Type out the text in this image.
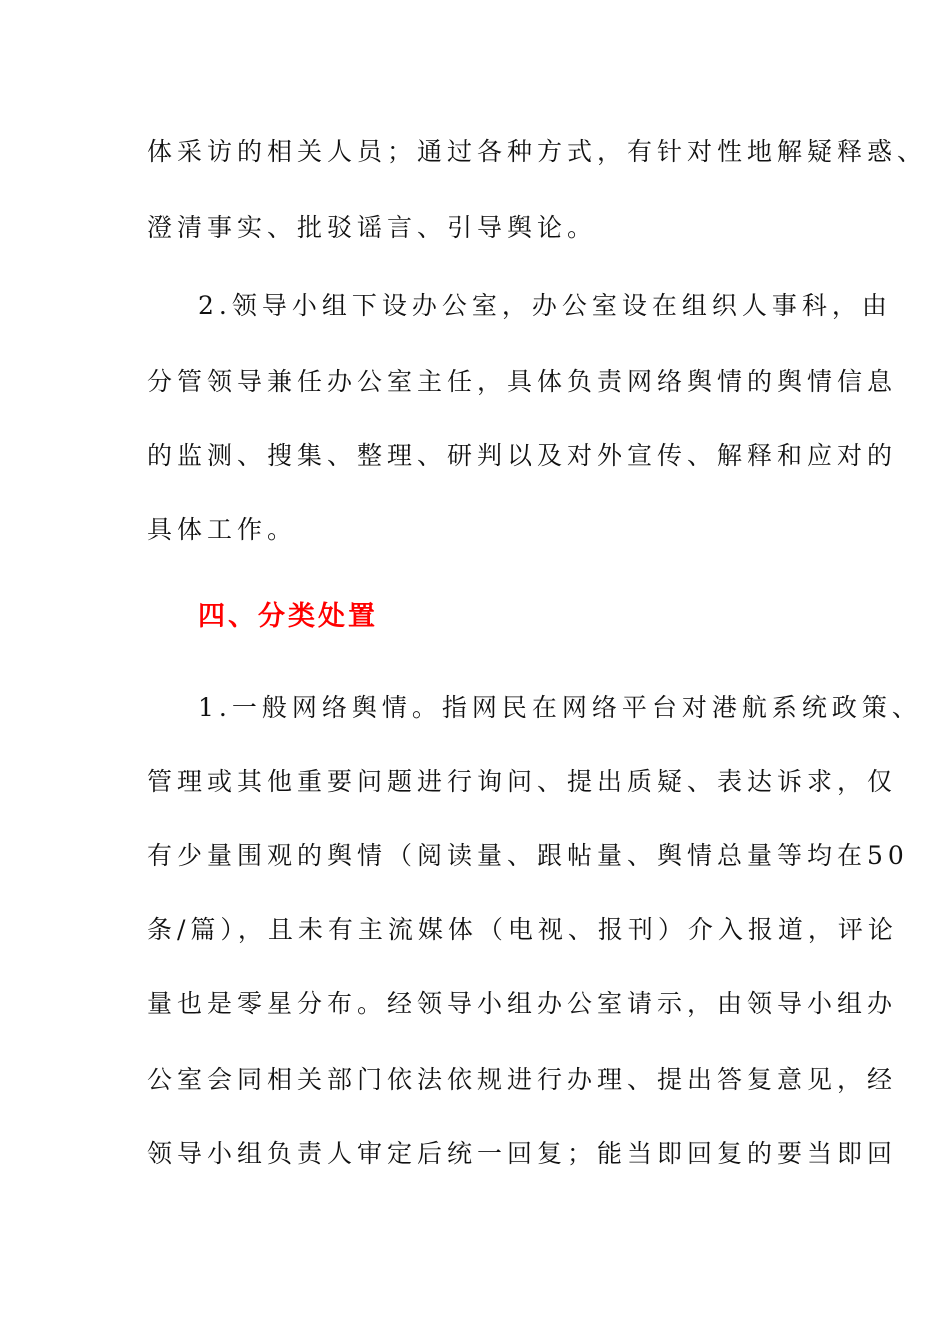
体采访的相关人员；通过各种方式，有针对性地解疑释惑、
澄清事实、批驳谣言、引导舆论。
2.领导小组下设办公室，办公室设在组织人事科，由
分管领导兼任办公室主任，具体负责网络舆情的舆情信息
的监测、搜集、整理、研判以及对外宣传、解释和应对的
具体工作。
四、分类处置
1.一般网络舆情。指网民在网络平台对港航系统政策、
管理或其他重要问题进行询问、提出质疑、表达诉求，仅
有少量围观的舆情（阅读量、跟帖量、舆情总量等均在50
条/篇），且未有主流媒体（电视、报刊）介入报道，评论
量也是零星分布。经领导小组办公室请示，由领导小组办
公室会同相关部门依法依规进行办理、提出答复意见，经
领导小组负责人审定后统一回复；能当即回复的要当即回
